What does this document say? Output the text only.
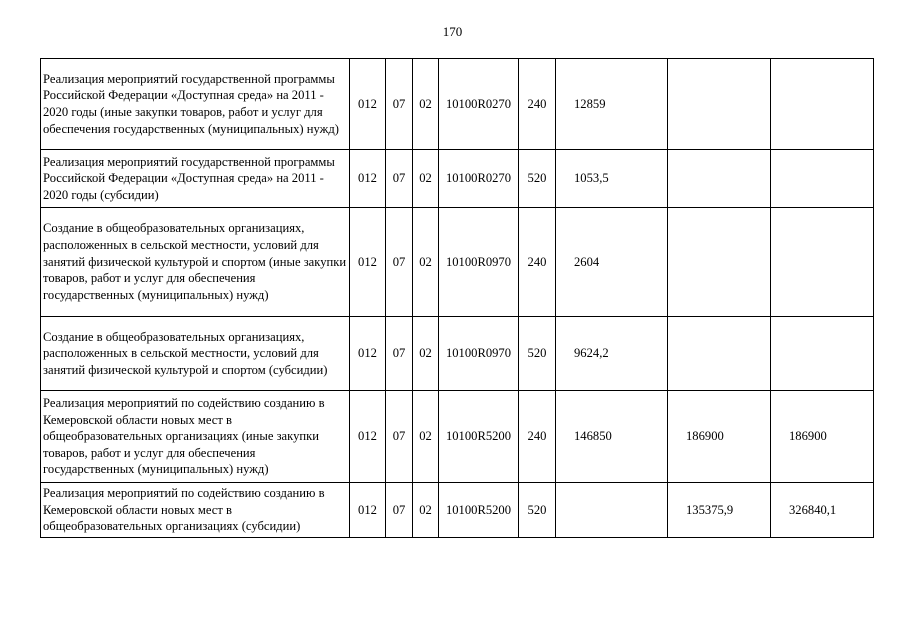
170
Реализация мероприятий государственной программы Российской Федерации «Доступная среда» на 2011 - 2020 годы (иные закупки товаров, работ и услуг для обеспечения государственных (муниципальных) нужд)	012	07	02	10100R0270	240	12859		
Реализация мероприятий государственной программы Российской Федерации «Доступная среда» на 2011 - 2020 годы (субсидии)	012	07	02	10100R0270	520	1053,5		
Создание в общеобразовательных организациях, расположенных в сельской местности, условий для занятий физической культурой и спортом (иные закупки товаров, работ и услуг для обеспечения государственных (муниципальных) нужд)	012	07	02	10100R0970	240	2604		
Создание в общеобразовательных организациях, расположенных в сельской местности, условий для занятий физической культурой и спортом (субсидии)	012	07	02	10100R0970	520	9624,2		
Реализация мероприятий по содействию созданию в Кемеровской области новых мест в общеобразовательных организациях (иные закупки товаров, работ и услуг для обеспечения государственных (муниципальных) нужд)	012	07	02	10100R5200	240	146850	186900	186900
Реализация мероприятий по содействию созданию в Кемеровской области новых мест в общеобразовательных организациях (субсидии)	012	07	02	10100R5200	520		135375,9	326840,1
